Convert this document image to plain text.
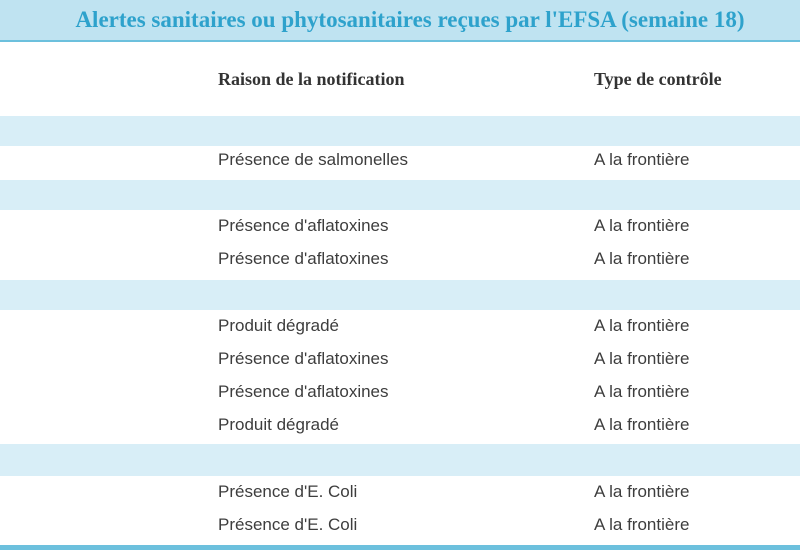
Alertes sanitaires ou phytosanitaires reçues par l'EFSA (semaine 18)
Raison de la notification	Type de contrôle
Présence de salmonelles	A la frontière
Présence d'aflatoxines	A la frontière
Présence d'aflatoxines	A la frontière
Produit dégradé	A la frontière
Présence d'aflatoxines	A la frontière
Présence d'aflatoxines	A la frontière
Produit dégradé	A la frontière
Présence d'E. Coli	A la frontière
Présence d'E. Coli	A la frontière
